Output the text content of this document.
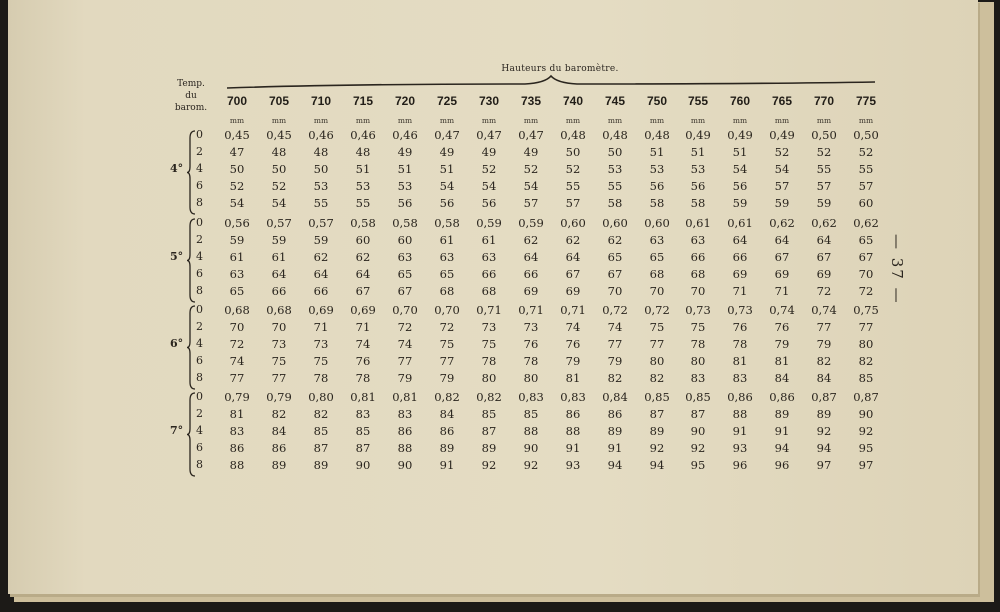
Hauteurs du baromètre.
Temp.
du
barom.	700	705	710	715	720	725	730	735	740	745	750	755	760	765	770	775
mm	mm	mm	mm	mm	mm	mm	mm	mm	mm	mm	mm	mm	mm	mm	mm
4°
0	0,45	0,45	0,46	0,46	0,46	0,47	0,47	0,47	0,48	0,48	0,48	0,49	0,49	0,49	0,50	0,50
2	47	48	48	48	49	49	49	49	50	50	51	51	51	52	52	52
4	50	50	50	51	51	51	52	52	52	53	53	53	54	54	55	55
6	52	52	53	53	53	54	54	54	55	55	56	56	56	57	57	57
8	54	54	55	55	56	56	56	57	57	58	58	58	59	59	59	60
5°
0	0,56	0,57	0,57	0,58	0,58	0,58	0,59	0,59	0,60	0,60	0,60	0,61	0,61	0,62	0,62	0,62
2	59	59	59	60	60	61	61	62	62	62	63	63	64	64	64	65
4	61	61	62	62	63	63	63	64	64	65	65	66	66	67	67	67
6	63	64	64	64	65	65	66	66	67	67	68	68	69	69	69	70
8	65	66	66	67	67	68	68	69	69	70	70	70	71	71	72	72
6°
0	0,68	0,68	0,69	0,69	0,70	0,70	0,71	0,71	0,71	0,72	0,72	0,73	0,73	0,74	0,74	0,75
2	70	70	71	71	72	72	73	73	74	74	75	75	76	76	77	77
4	72	73	73	74	74	75	75	76	76	77	77	78	78	79	79	80
6	74	75	75	76	77	77	78	78	79	79	80	80	81	81	82	82
8	77	77	78	78	79	79	80	80	81	82	82	83	83	84	84	85
7°
0	0,79	0,79	0,80	0,81	0,81	0,82	0,82	0,83	0,83	0,84	0,85	0,85	0,86	0,86	0,87	0,87
2	81	82	82	83	83	84	85	85	86	86	87	87	88	89	89	90
4	83	84	85	85	86	86	87	88	88	89	89	90	91	91	92	92
6	86	86	87	87	88	89	89	90	91	91	92	92	93	94	94	95
8	88	89	89	90	90	91	92	92	93	94	94	95	96	96	97	97
— 37 —
